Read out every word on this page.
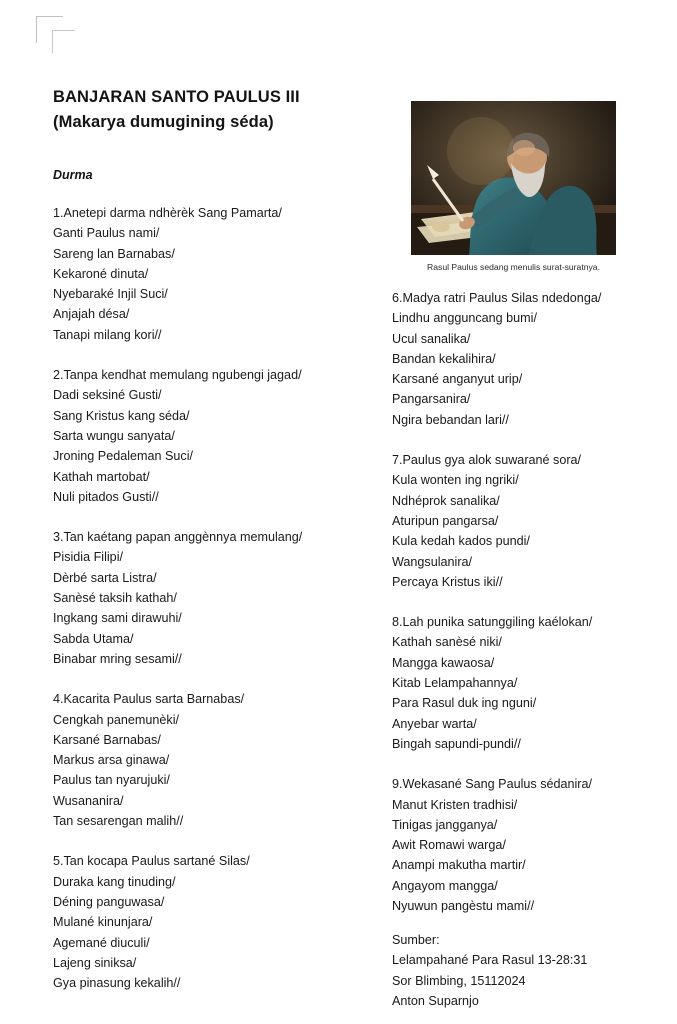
BANJARAN SANTO PAULUS III
(Makarya dumugining séda)
Durma
Rasul Paulus sedang menulis surat-suratnya.
1.Anetepi darma ndhèrèk Sang Pamarta/
Ganti Paulus nami/
Sareng lan Barnabas/
Kekaroné dinuta/
Nyebaraké Injil Suci/
Anjajah désa/
Tanapi milang kori//
2.Tanpa kendhat memulang ngubengi jagad/
Dadi seksiné Gusti/
Sang Kristus kang séda/
Sarta wungu sanyata/
Jroning Pedaleman Suci/
Kathah martobat/
Nuli pitados Gusti//
3.Tan kaétang papan anggènnya memulang/
Pisidia Filipi/
Dèrbé sarta Listra/
Sanèsé taksih kathah/
Ingkang sami dirawuhi/
Sabda Utama/
Binabar mring sesami//
4.Kacarita Paulus sarta Barnabas/
Cengkah panemunèki/
Karsané Barnabas/
Markus arsa ginawa/
Paulus tan nyarujuki/
Wusananira/
Tan sesarengan malih//
5.Tan kocapa Paulus sartané Silas/
Duraka kang tinuding/
Déning panguwasa/
Mulané kinunjara/
Agemané diuculi/
Lajeng siniksa/
Gya pinasung kekalih//
6.Madya ratri Paulus Silas ndedonga/
Lindhu angguncang bumi/
Ucul sanalika/
Bandan kekalihira/
Karsané anganyut urip/
Pangarsanira/
Ngira bebandan lari//
7.Paulus gya alok suwarané sora/
Kula wonten ing ngriki/
Ndhéprok sanalika/
Aturipun pangarsa/
Kula kedah kados pundi/
Wangsulanira/
Percaya Kristus iki//
8.Lah punika satunggiling kaélokan/
Kathah sanèsé niki/
Mangga kawaosa/
Kitab Lelampahannya/
Para Rasul duk ing nguni/
Anyebar warta/
Bingah sapundi-pundi//
9.Wekasané Sang Paulus sédanira/
Manut Kristen tradhisi/
Tinigas jangganya/
Awit Romawi warga/
Anampi makutha martir/
Angayom mangga/
Nyuwun pangèstu mami//
Sumber:
Lelampahané Para Rasul 13-28:31
Sor Blimbing, 15112024
Anton Suparnjo
